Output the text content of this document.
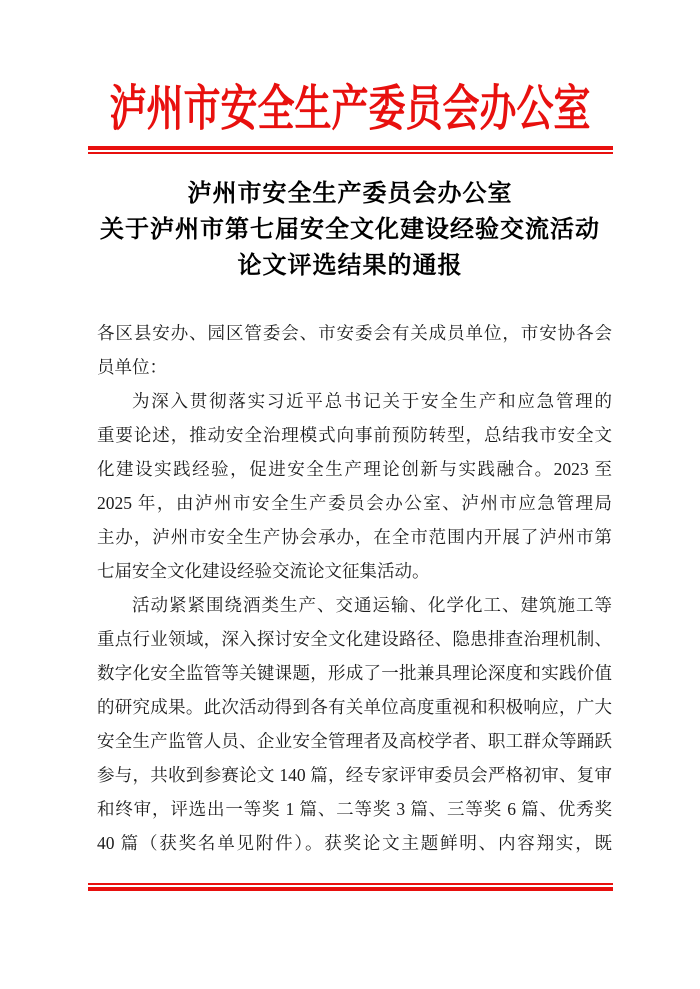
泸州市安全生产委员会办公室
泸州市安全生产委员会办公室
关于泸州市第七届安全文化建设经验交流活动
论文评选结果的通报
各区县安办、园区管委会、市安委会有关成员单位，市安协各会
员单位：
为深入贯彻落实习近平总书记关于安全生产和应急管理的
重要论述，推动安全治理模式向事前预防转型，总结我市安全文
化建设实践经验，促进安全生产理论创新与实践融合。2023 至
2025 年，由泸州市安全生产委员会办公室、泸州市应急管理局
主办，泸州市安全生产协会承办，在全市范围内开展了泸州市第
七届安全文化建设经验交流论文征集活动。
活动紧紧围绕酒类生产、交通运输、化学化工、建筑施工等
重点行业领域，深入探讨安全文化建设路径、隐患排查治理机制、
数字化安全监管等关键课题，形成了一批兼具理论深度和实践价值
的研究成果。此次活动得到各有关单位高度重视和积极响应，广大
安全生产监管人员、企业安全管理者及高校学者、职工群众等踊跃
参与，共收到参赛论文 140 篇，经专家评审委员会严格初审、复审
和终审，评选出一等奖 1 篇、二等奖 3 篇、三等奖 6 篇、优秀奖
40 篇（获奖名单见附件）。获奖论文主题鲜明、内容翔实，既
